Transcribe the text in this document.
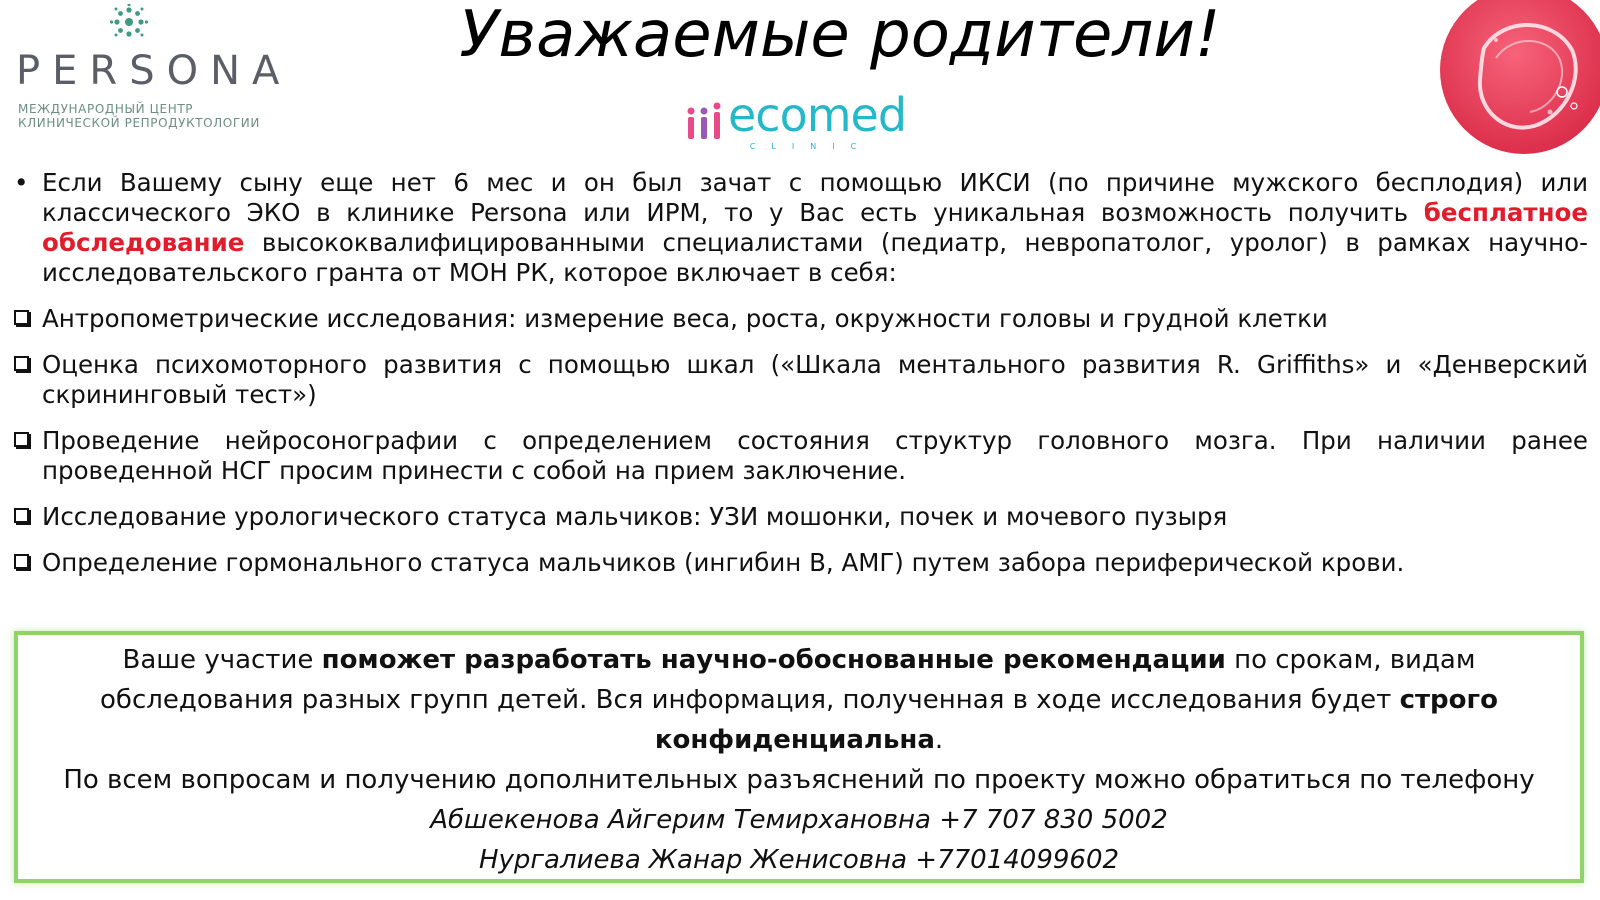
PERSONA
МЕЖДУНАРОДНЫЙ ЦЕНТР
КЛИНИЧЕСКОЙ РЕПРОДУКТОЛОГИИ
Уважаемые родители!
ecomed
CLINIC
• Если Вашему сыну еще нет 6 мес и он был зачат с помощью ИКСИ (по причине мужского бесплодия) или классического ЭКО в клинике Persona или ИРМ, то у Вас есть уникальная возможность получить бесплатное обследование высококвалифицированными специалистами (педиатр, невропатолог, уролог) в рамках научно-исследовательского гранта от МОН РК, которое включает в себя:
Антропометрические исследования: измерение веса, роста, окружности головы и грудной клетки
Оценка психомоторного развития с помощью шкал («Шкала ментального развития R. Griffiths» и «Денверский скрининговый тест»)
Проведение нейросонографии с определением состояния структур головного мозга. При наличии ранее проведенной НСГ просим принести с собой на прием заключение.
Исследование урологического статуса мальчиков: УЗИ мошонки, почек и мочевого пузыря
Определение гормонального статуса мальчиков (ингибин В, АМГ) путем забора периферической крови.
Ваше участие поможет разработать научно-обоснованные рекомендации по срокам, видам
обследования разных групп детей. Вся информация, полученная в ходе исследования будет строго
конфиденциальна.
По всем вопросам и получению дополнительных разъяснений по проекту можно обратиться по телефону
Абшекенова Айгерим Темирхановна +7 707 830 5002
Нургалиева Жанар Женисовна +77014099602
